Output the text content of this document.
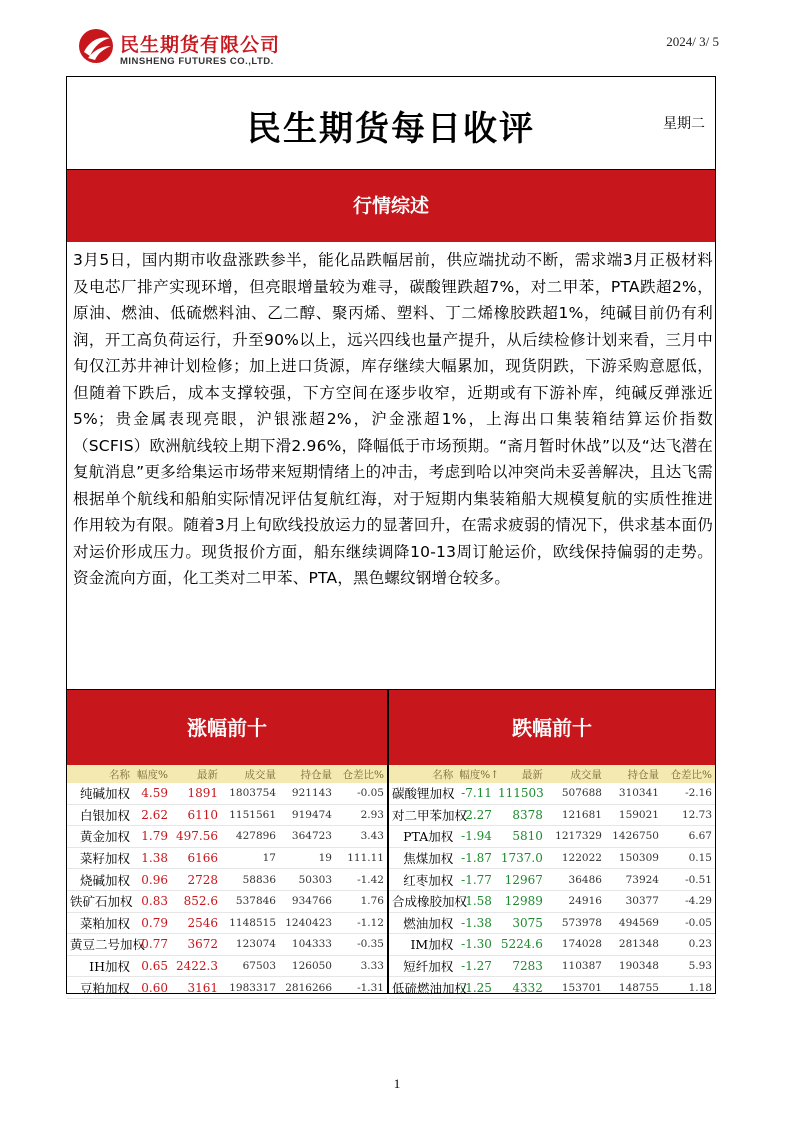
民生期货有限公司
MINSHENG FUTURES CO.,LTD.
2024/ 3/ 5
民生期货每日收评	星期二
行情综述
3月5日，国内期市收盘涨跌参半，能化品跌幅居前，供应端扰动不断，需求端3月正极材料及电芯厂排产实现环增，但亮眼增量较为难寻，碳酸锂跌超7%，对二甲苯，PTA跌超2%，原油、燃油、低硫燃料油、乙二醇、聚丙烯、塑料、丁二烯橡胶跌超1%，纯碱目前仍有利润，开工高负荷运行，升至90%以上，远兴四线也量产提升，从后续检修计划来看，三月中旬仅江苏井神计划检修；加上进口货源，库存继续大幅累加，现货阴跌，下游采购意愿低，但随着下跌后，成本支撑较强，下方空间在逐步收窄，近期或有下游补库，纯碱反弹涨近5%；贵金属表现亮眼，沪银涨超2%，沪金涨超1%，上海出口集装箱结算运价指数（SCFIS）欧洲航线较上期下滑2.96%，降幅低于市场预期。“斋月暂时休战”以及“达飞潜在复航消息”更多给集运市场带来短期情绪上的冲击，考虑到哈以冲突尚未妥善解决，且达飞需根据单个航线和船舶实际情况评估复航红海，对于短期内集装箱船大规模复航的实质性推进作用较为有限。随着3月上旬欧线投放运力的显著回升，在需求疲弱的情况下，供求基本面仍对运价形成压力。现货报价方面，船东继续调降10-13周订舱运价，欧线保持偏弱的走势。资金流向方面，化工类对二甲苯、PTA，黑色螺纹钢增仓较多。
涨幅前十	跌幅前十
名称	幅度%	最新	成交量	持仓量	仓差比%
纯碱加权	4.59	1891	1803754	921143	-0.05
白银加权	2.62	6110	1151561	919474	2.93
黄金加权	1.79	497.56	427896	364723	3.43
菜籽加权	1.38	6166	17	19	111.11
烧碱加权	0.96	2728	58836	50303	-1.42
铁矿石加权	0.83	852.6	537846	934766	1.76
菜粕加权	0.79	2546	1148515	1240423	-1.12
黄豆二号加权	0.77	3672	123074	104333	-0.35
IH加权	0.65	2422.3	67503	126050	3.33
豆粕加权	0.60	3161	1983317	2816266	-1.31
名称	幅度%↑	最新	成交量	持仓量	仓差比%
碳酸锂加权	-7.11	111503	507688	310341	-2.16
对二甲苯加权	-2.27	8378	121681	159021	12.73
PTA加权	-1.94	5810	1217329	1426750	6.67
焦煤加权	-1.87	1737.0	122022	150309	0.15
红枣加权	-1.77	12967	36486	73924	-0.51
合成橡胶加权	-1.58	12989	24916	30377	-4.29
燃油加权	-1.38	3075	573978	494569	-0.05
IM加权	-1.30	5224.6	174028	281348	0.23
短纤加权	-1.27	7283	110387	190348	5.93
低硫燃油加权	-1.25	4332	153701	148755	1.18
1
